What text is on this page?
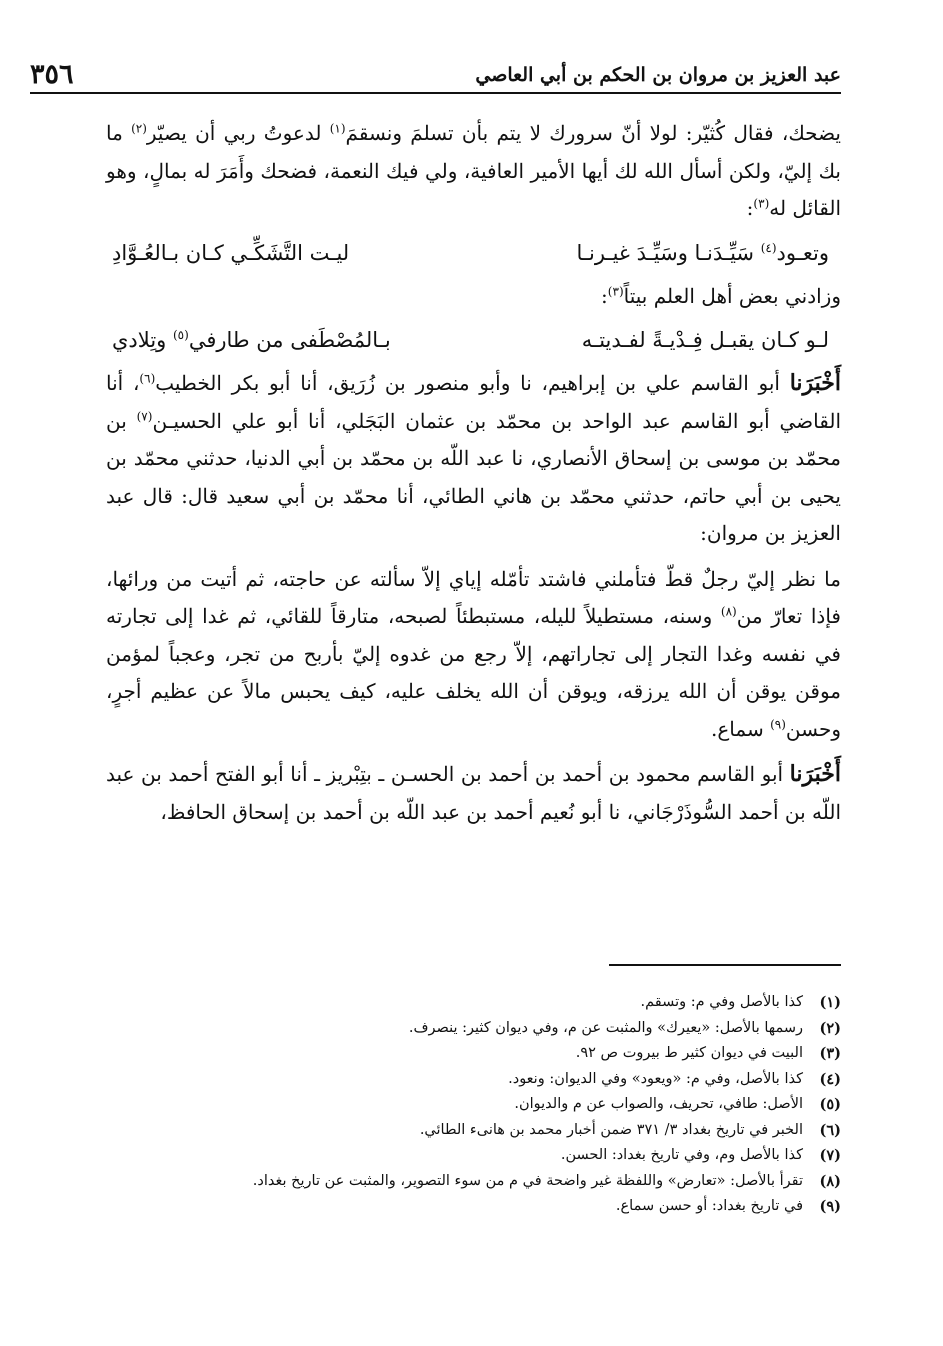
عبد العزيز بن مروان بن الحكم بن أبي العاصي
٣٥٦

يضحك، فقال كُثيّر: لولا أنّ سرورك لا يتم بأن تسلمَ ونسقمَ$^{(١)}$ لدعوتُ ربي أن يصيّر$^{(٢)}$ ما بك إليّ، ولكن أسأل الله لك أيها الأمير العافية، ولي فيك النعمة، فضحك وأَمَرَ له بمالٍ، وهو القائل له$^{(٣)}$:

وتعـود$^{(٤)}$ سَيِّـدَنـا وسَيِّـدَ غيـرنـا
ليـت التَّشَكِّـي كـان بـالعُـوَّادِ

وزادني بعض أهل العلم بيتاً$^{(٣)}$:

لـو كـان يقبـل فِـدْيـةً لفـديتـه
بـالمُصْطَفى من طارفي$^{(٥)}$ وتِلادي

أَخْبَرَنا أبو القاسم علي بن إبراهيم، نا وأبو منصور بن زُرَيق، أنا أبو بكر الخطيب$^{(٦)}$، أنا القاضي أبو القاسم عبد الواحد بن محمّد بن عثمان البَجَلي، أنا أبو علي الحسيـن$^{(٧)}$ بن محمّد بن موسى بن إسحاق الأنصاري، نا عبد اللّه بن محمّد بن أبي الدنيا، حدثني محمّد بن يحيى بن أبي حاتم، حدثني محمّد بن هاني الطائي، أنا محمّد بن أبي سعيد قال: قال عبد العزيز بن مروان:

ما نظر إليّ رجلٌ قطّ فتأملني فاشتد تأمّله إياي إلاّ سألته عن حاجته، ثم أتيت من ورائها، فإذا تعارّ من$^{(٨)}$ وسنه، مستطيلاً لليله، مستبطئاً لصبحه، متارقاً للقائي، ثم غدا إلى تجارته في نفسه وغدا التجار إلى تجاراتهم، إلاّ رجع من غدوه إليّ بأربح من تجر، وعجباً لمؤمن موقن يوقن أن الله يرزقه، ويوقن أن الله يخلف عليه، كيف يحبس مالاً عن عظيم أجرٍ، وحسن$^{(٩)}$ سماع.

أَخْبَرَنا أبو القاسم محمود بن أحمد بن أحمد بن الحسـن ـ بتِبْريز ـ أنا أبو الفتح أحمد بن عبد اللّه بن أحمد السُّوذَرْجَاني، نا أبو نُعيم أحمد بن عبد اللّه بن أحمد بن إسحاق الحافظ،

(١)
كذا بالأصل وفي م: وتسقم.
(٢)
رسمها بالأصل: «يعيرك» والمثبت عن م، وفي ديوان كثير: ينصرف.
(٣)
البيت في ديوان كثير ط بيروت ص ٩٢.
(٤)
كذا بالأصل، وفي م: «ويعود» وفي الديوان: ونعود.
(٥)
الأصل: طافي، تحريف، والصواب عن م والديوان.
(٦)
الخبر في تاريخ بغداد ٣/ ٣٧١ ضمن أخبار محمد بن هانىء الطائي.
(٧)
كذا بالأصل وم، وفي تاريخ بغداد: الحسن.
(٨)
تقرأ بالأصل: «تعارض» واللفظة غير واضحة في م من سوء التصوير، والمثبت عن تاريخ بغداد.
(٩)
في تاريخ بغداد: أو حسن سماع.
